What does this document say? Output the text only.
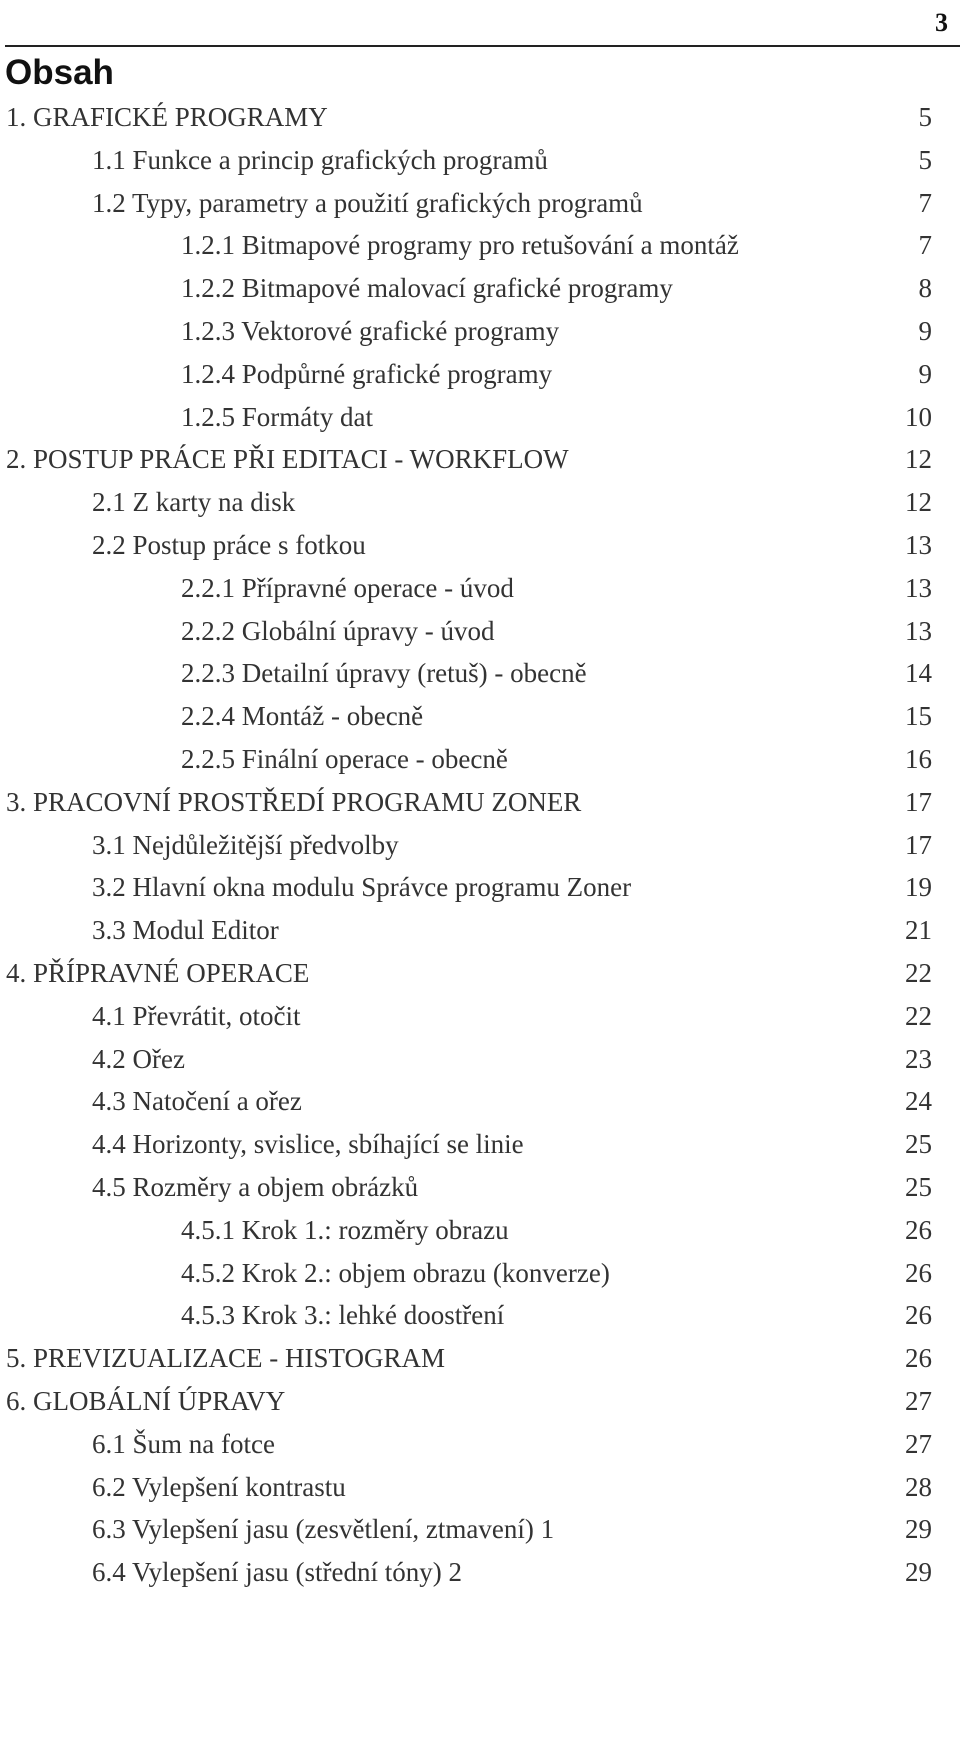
3
Obsah
1. GRAFICKÉ PROGRAMY	5
1.1 Funkce a princip grafických programů	5
1.2 Typy, parametry a použití grafických programů	7
1.2.1 Bitmapové programy pro retušování a montáž	7
1.2.2 Bitmapové malovací grafické programy	8
1.2.3 Vektorové grafické programy	9
1.2.4 Podpůrné grafické programy	9
1.2.5 Formáty dat	10
2. POSTUP PRÁCE PŘI EDITACI - WORKFLOW	12
2.1 Z karty na disk	12
2.2 Postup práce s fotkou	13
2.2.1 Přípravné operace - úvod	13
2.2.2 Globální úpravy - úvod	13
2.2.3 Detailní úpravy (retuš) - obecně	14
2.2.4 Montáž - obecně	15
2.2.5 Finální operace - obecně	16
3. PRACOVNÍ PROSTŘEDÍ PROGRAMU ZONER	17
3.1 Nejdůležitější předvolby	17
3.2 Hlavní okna modulu Správce programu Zoner	19
3.3 Modul Editor	21
4. PŘÍPRAVNÉ OPERACE	22
4.1 Převrátit, otočit	22
4.2 Ořez	23
4.3 Natočení a ořez	24
4.4 Horizonty, svislice, sbíhající se linie	25
4.5 Rozměry a objem obrázků	25
4.5.1 Krok 1.: rozměry obrazu	26
4.5.2 Krok 2.: objem obrazu (konverze)	26
4.5.3 Krok 3.: lehké doostření	26
5. PREVIZUALIZACE - HISTOGRAM	26
6. GLOBÁLNÍ ÚPRAVY	27
6.1 Šum na fotce	27
6.2 Vylepšení kontrastu	28
6.3 Vylepšení jasu (zesvětlení, ztmavení) 1	29
6.4 Vylepšení jasu (střední tóny) 2	29
